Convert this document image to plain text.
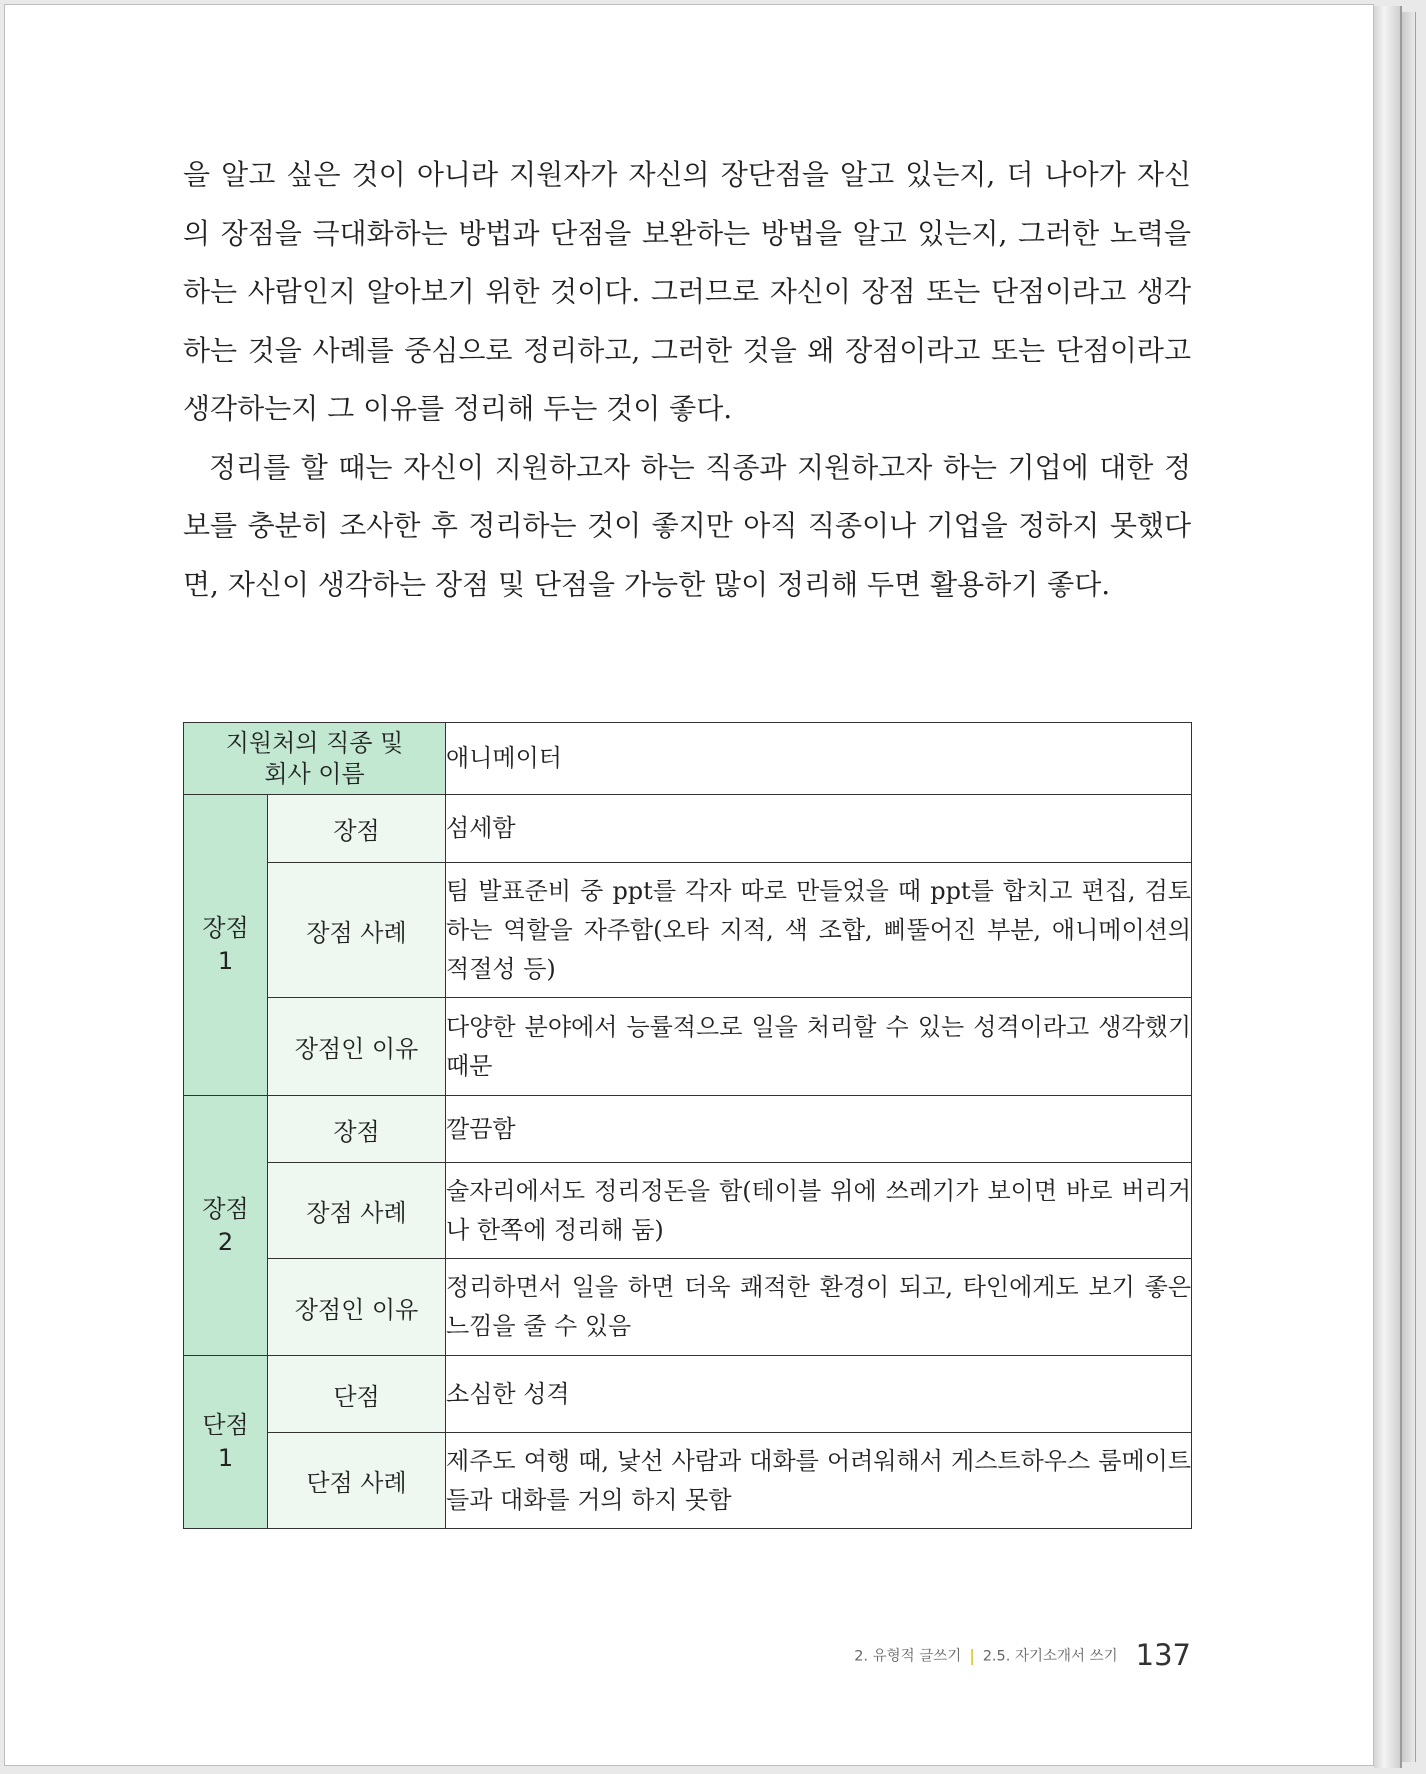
을 알고 싶은 것이 아니라 지원자가 자신의 장단점을 알고 있는지, 더 나아가 자신의 장점을 극대화하는 방법과 단점을 보완하는 방법을 알고 있는지, 그러한 노력을 하는 사람인지 알아보기 위한 것이다. 그러므로 자신이 장점 또는 단점이라고 생각하는 것을 사례를 중심으로 정리하고, 그러한 것을 왜 장점이라고 또는 단점이라고 생각하는지 그 이유를 정리해 두는 것이 좋다.

정리를 할 때는 자신이 지원하고자 하는 직종과 지원하고자 하는 기업에 대한 정보를 충분히 조사한 후 정리하는 것이 좋지만 아직 직종이나 기업을 정하지 못했다면, 자신이 생각하는 장점 및 단점을 가능한 많이 정리해 두면 활용하기 좋다.

지원처의 직종 및
회사 이름		애니메이터

장점
1	장점	섬세함
	장점 사례	팀 발표준비 중 ppt를 각자 따로 만들었을 때 ppt를 합치고 편집, 검토하는 역할을 자주함(오타 지적, 색 조합, 삐뚤어진 부분, 애니메이션의 적절성 등)
	장점인 이유	다양한 분야에서 능률적으로 일을 처리할 수 있는 성격이라고 생각했기 때문

장점
2	장점	깔끔함
	장점 사례	술자리에서도 정리정돈을 함(테이블 위에 쓰레기가 보이면 바로 버리거나 한쪽에 정리해 둠)
	장점인 이유	정리하면서 일을 하면 더욱 쾌적한 환경이 되고, 타인에게도 보기 좋은 느낌을 줄 수 있음

단점
1	단점	소심한 성격
	단점 사례	제주도 여행 때, 낯선 사람과 대화를 어려워해서 게스트하우스 룸메이트들과 대화를 거의 하지 못함
2. 유형적 글쓰기 | 2.5. 자기소개서 쓰기 137
